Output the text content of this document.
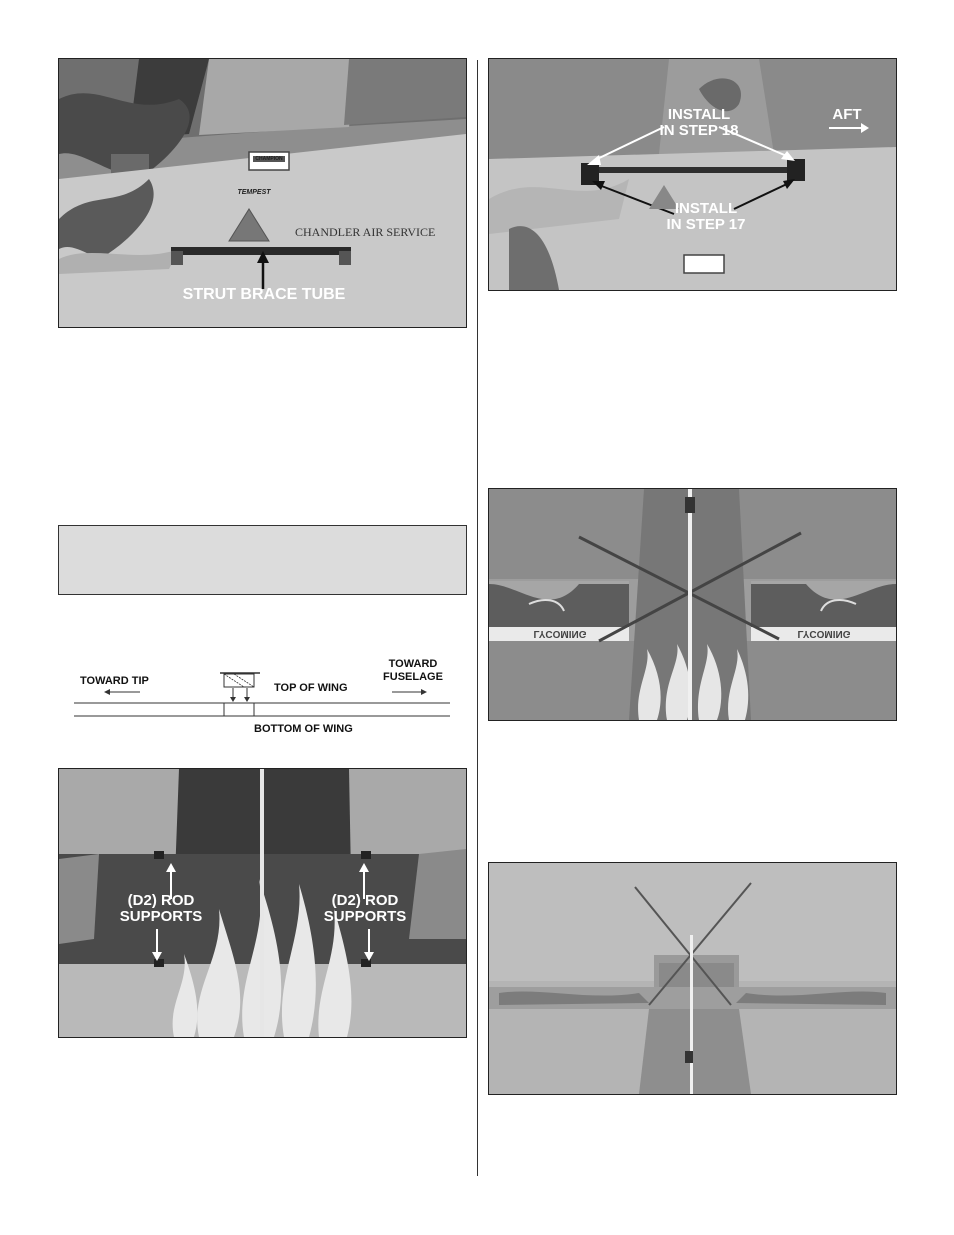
CHAMPION
TEMPEST
CHANDLER AIR SERVICE
STRUT BRACE TUBE
INSTALL
IN STEP 18
INSTALL
IN STEP 17
AFT
TOWARD TIP
TOP OF WING
TOWARD
FUSELAGE
BOTTOM OF WING
(D2) ROD
SUPPORTS
(D2) ROD
SUPPORTS
LYCOMING	LYCOMING
